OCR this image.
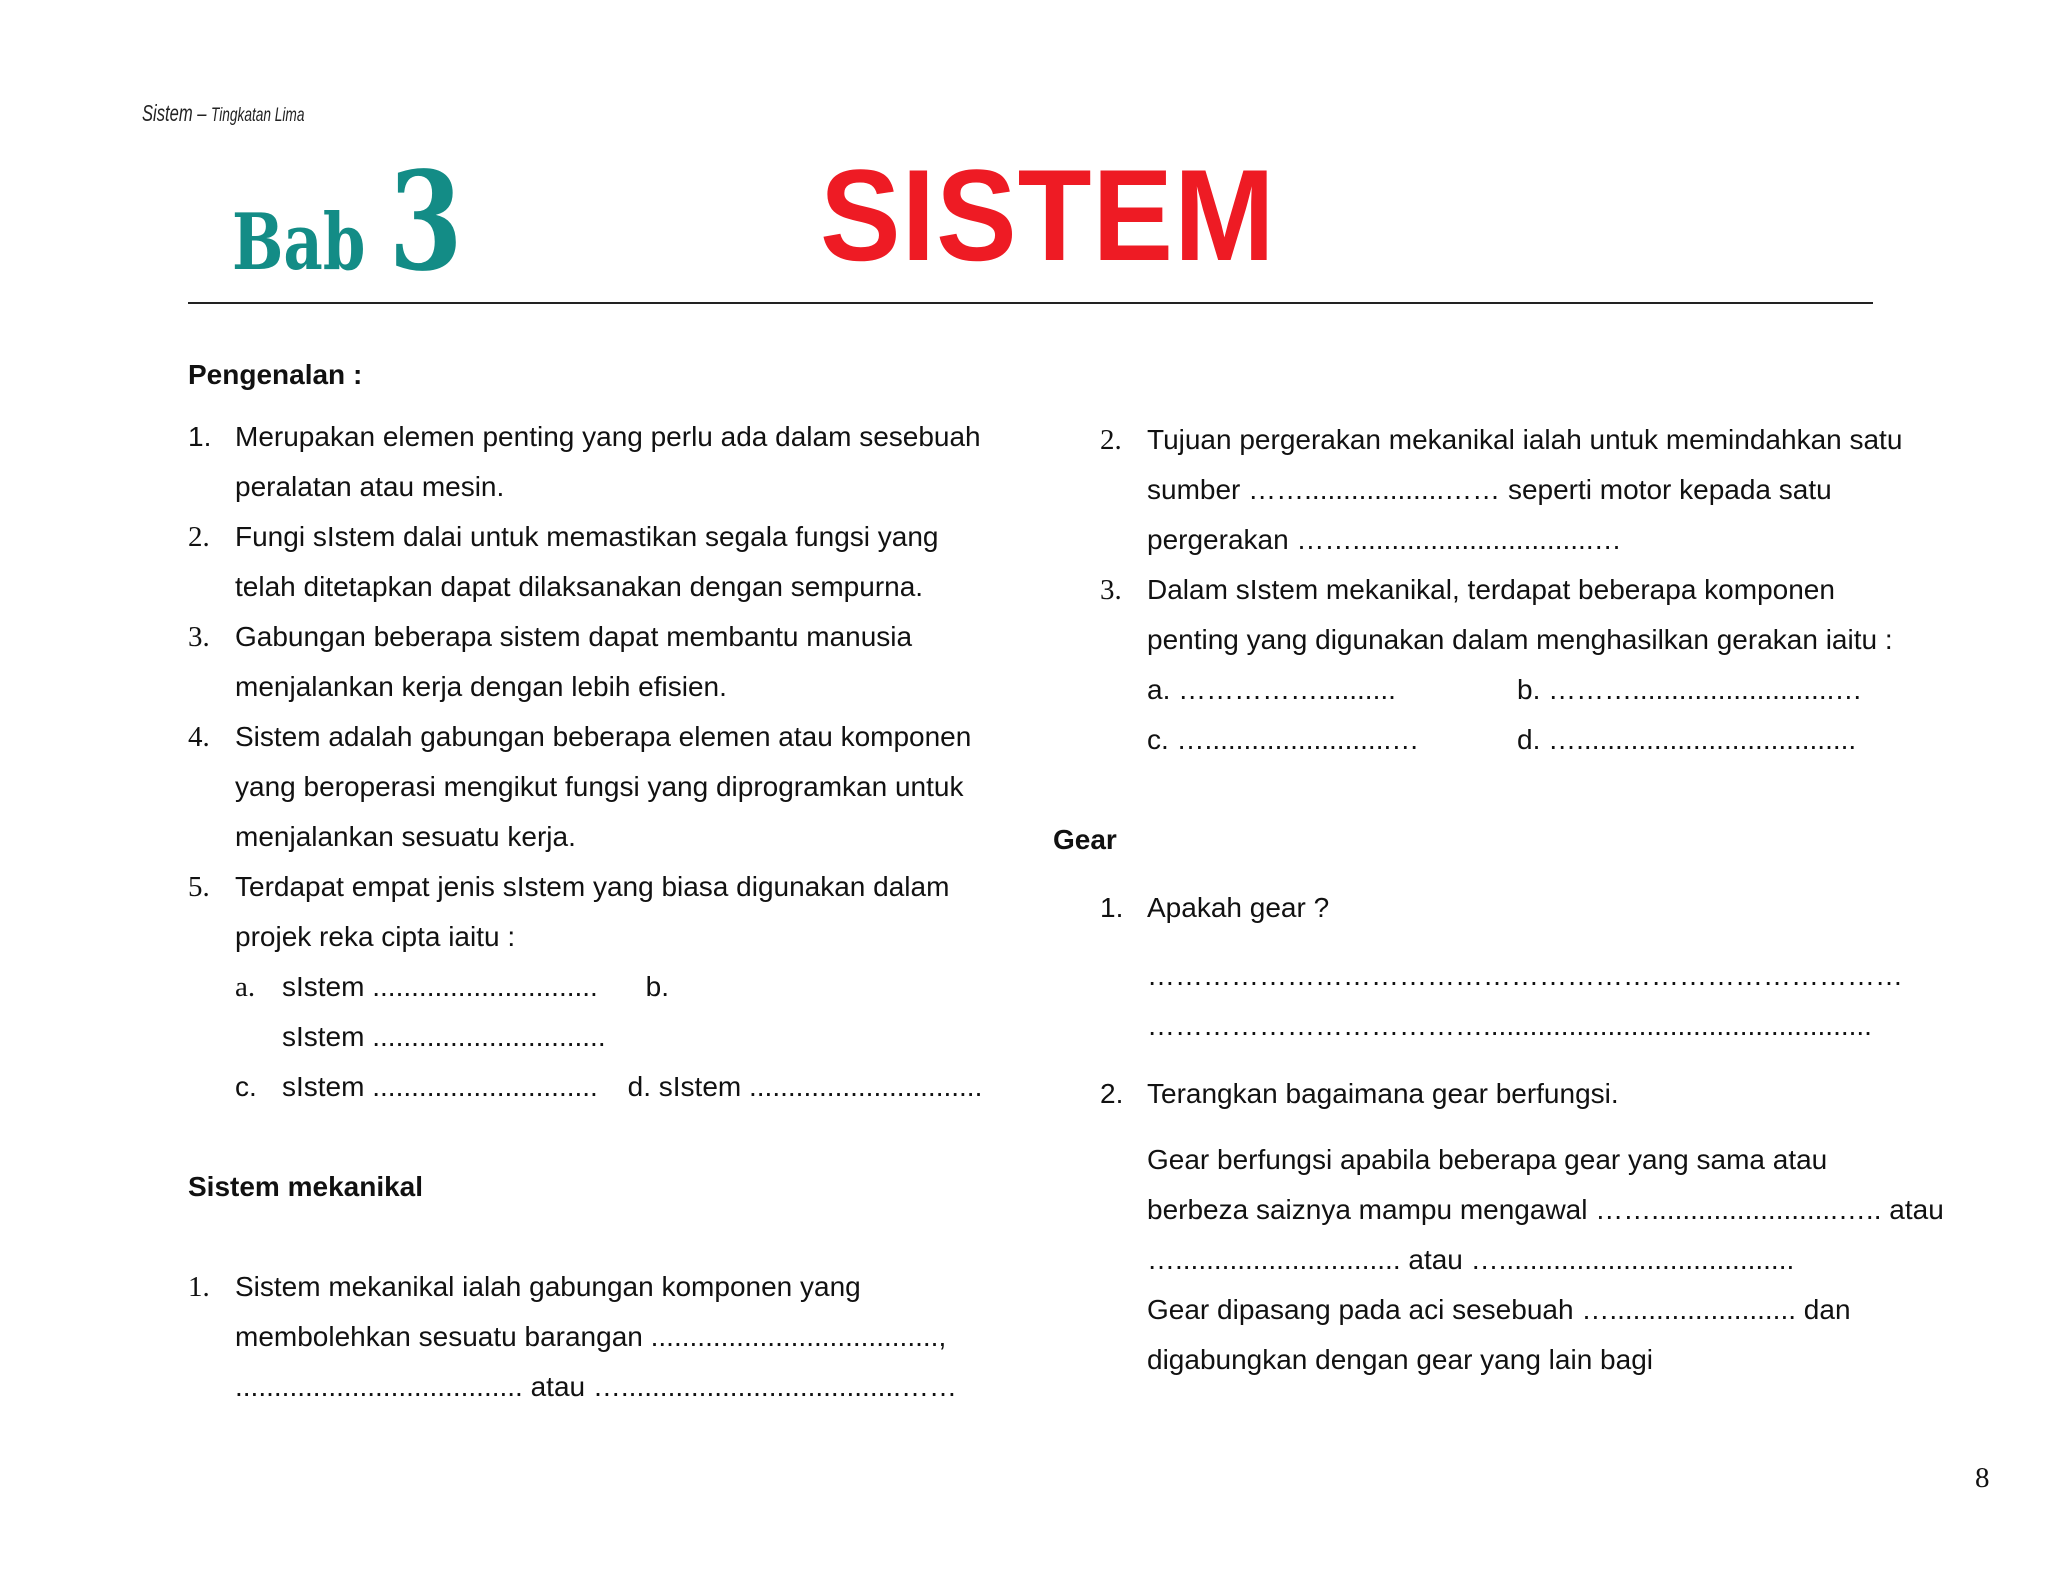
Sistem – Tingkatan Lima
Bab 3	SISTEM
Pengenalan :
1. Merupakan elemen penting yang perlu ada dalam sesebuah
peralatan atau mesin.
2. Fungi sIstem dalai untuk memastikan segala fungsi yang
telah ditetapkan dapat dilaksanakan dengan sempurna.
3. Gabungan beberapa sistem dapat membantu manusia
menjalankan kerja dengan lebih efisien.
4. Sistem adalah gabungan beberapa elemen atau komponen
yang beroperasi mengikut fungsi yang diprogramkan untuk
menjalankan sesuatu kerja.
5. Terdapat empat jenis sIstem yang biasa digunakan dalam
projek reka cipta iaitu :
a. sIstem ............................. b.
sIstem ..............................
c. sIstem ............................. d. sIstem ..............................
Sistem mekanikal
1. Sistem mekanikal ialah gabungan komponen yang
membolehkan sesuatu barangan .....................................,
..................................... atau …....................................……
2. Tujuan pergerakan mekanikal ialah untuk memindahkan satu
sumber ……..................…… seperti motor kepada satu
pergerakan ……...............................…
3. Dalam sIstem mekanikal, terdapat beberapa komponen
penting yang digunakan dalam menghasilkan gerakan iaitu :
a. ……………..........	b. ………..........................…
c. …........................…	d. …....................................
Gear
1. Apakah gear ?
………………………………………………………………………
………………………………..................................................
2. Terangkan bagaimana gear berfungsi.
Gear berfungsi apabila beberapa gear yang sama atau
berbeza saiznya mampu mengawal ……........................….. atau
…............................. atau …......................................
Gear dipasang pada aci sesebuah …........................ dan
digabungkan dengan gear yang lain bagi
8
